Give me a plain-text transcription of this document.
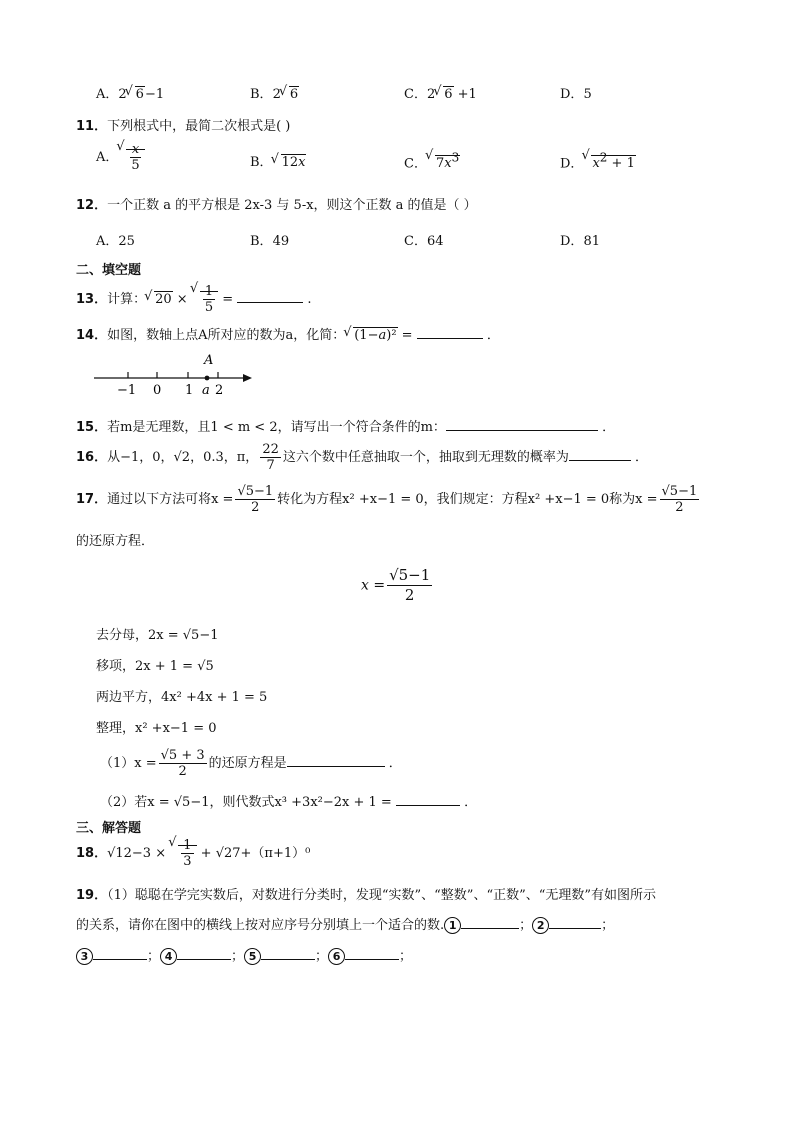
A．2 √ 6−1	B．2 √ 6	C．2 √ 6 +1	D．5
11．下列根式中，最简二次根式是( )
A． √ $\frac{x}{5}$	B． √ 12x	C． √ $7x^3$	D． √ $x^2 + 1$
12．一个正数 a 的平方根是 2x-3 与 5-x，则这个正数 a 的值是（ ）
A．25	B．49	C．64	D．81
二、填空题
13．计算： √ 20 × √ $\frac{1}{5}$ =	.
14．如图，数轴上点A所对应的数为a，化简： √ (1−a)² =	．
A
−1 0 1 a 2
15．若m是无理数，且1 < m < 2，请写出一个符合条件的m：	．
16．从−1，0，√2，0.3，π， $\frac{22}{7}$ 这六个数中任意抽取一个，抽取到无理数的概率为	．
17．通过以下方法可将$x = \frac{√5-1}{2}$ 转化为方程x² +x−1 = 0，我们规定：方程x² +x−1 = 0称为$x = \frac{√5-1}{2}$
的还原方程．
$x = \frac{√5-1}{2}$
去分母，2x = √5−1
移项，2x + 1 = √5
两边平方，4x² +4x + 1 = 5
整理，x² +x−1 = 0
$(1)x = \frac{√5 + 3}{2}$ 的还原方程是	．
（2）若x = √5−1，则代数式x³ +3x²−2x + 1 =	．
三、解答题
18．√12−3 × √ $\frac{1}{3} + √27+(\pi+1)^0$
19．（1）聪聪在学完实数后，对数进行分类时，发现“实数”、“整数”、“正数”、“无理数”有如图所示
的关系，请你在图中的横线上按对应序号分别填上一个适合的数. 1	； 2	；
3	； 4	； 5	； 6	；
